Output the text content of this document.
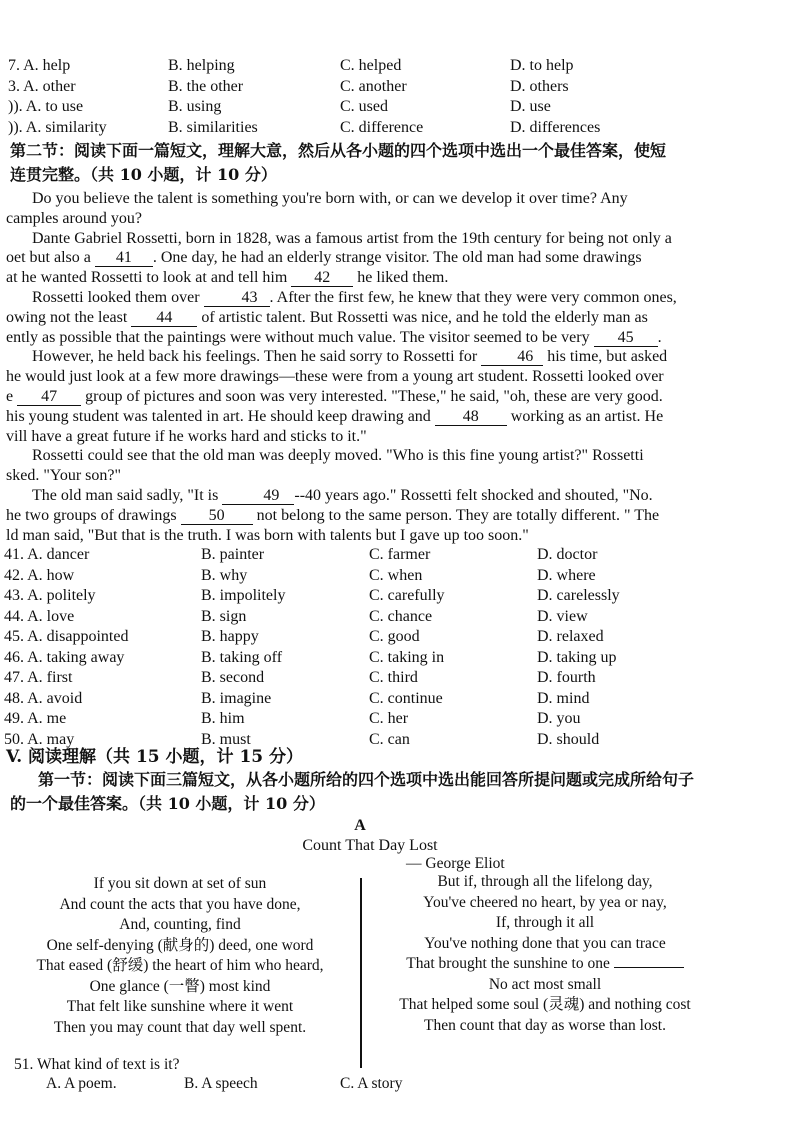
7. A. help	B. helping	C. helped	D. to help
3. A. other	B. the other	C. another	D. others
)). A. to use	B. using	C. used	D. use
)). A. similarity	B. similarities	C. difference	D. differences
第二节：阅读下面一篇短文，理解大意，然后从各小题的四个选项中选出一个最佳答案，使短
连贯完整。（共 10 小题，计 10 分）

Do you believe the talent is something you're born with, or can we develop it over time? Any

camples around you?

Dante Gabriel Rossetti, born in 1828, was a famous artist from the 19th century for being not only a

oet but also a 41 . One day, he had an elderly strange visitor. The old man had some drawings

at he wanted Rossetti to look at and tell him 42 he liked them.

Rossetti looked them over	43 . After the first few, he knew that they were very common ones,

owing not the least 44 of artistic talent. But Rossetti was nice, and he told the elderly man as

ently as possible that the paintings were without much value. The visitor seemed to be very 45 .

However, he held back his feelings. Then he said sorry to Rossetti for	46 his time, but asked

he would just look at a few more drawings—these were from a young art student. Rossetti looked over

e 47 group of pictures and soon was very interested. "These," he said, "oh, these are very good.

his young student was talented in art. He should keep drawing and 48 working as an artist. He

vill have a great future if he works hard and sticks to it."

Rossetti could see that the old man was deeply moved. "Who is this fine young artist?" Rossetti

sked. "Your son?"

The old man said sadly, "It is	49 --40 years ago." Rossetti felt shocked and shouted, "No.

he two groups of drawings 50 not belong to the same person. They are totally different. " The

ld man said, "But that is the truth. I was born with talents but I gave up too soon."

41. A. dancer	B. painter	C. farmer	D. doctor
42. A. how	B. why	C. when	D. where
43. A. politely	B. impolitely	C. carefully	D. carelessly
44. A. love	B. sign	C. chance	D. view
45. A. disappointed	B. happy	C. good	D. relaxed
46. A. taking away	B. taking off	C. taking in	D. taking up
47. A. first	B. second	C. third	D. fourth
48. A. avoid	B. imagine	C. continue	D. mind
49. A. me	B. him	C. her	D. you
50. A. may	B. must	C. can	D. should
V. 阅读理解（共 15 小题，计 15 分）
第一节：阅读下面三篇短文，从各小题所给的四个选项中选出能回答所提问题或完成所给句子
的一个最佳答案。（共 10 小题，计 10 分）
A
Count That Day Lost
— George Eliot
If you sit down at set of sun
And count the acts that you have done,
And, counting, find
One self-denying (献身的) deed, one word
That eased (舒缓) the heart of him who heard,
One glance (一瞥) most kind
That felt like sunshine where it went
Then you may count that day well spent.
But if, through all the lifelong day,
You've cheered no heart, by yea or nay,
If, through it all
You've nothing done that you can trace
That brought the sunshine to one
No act most small
That helped some soul (灵魂) and nothing cost
Then count that day as worse than lost.
51. What kind of text is it?
A. A poem.	B. A speech	C. A story
